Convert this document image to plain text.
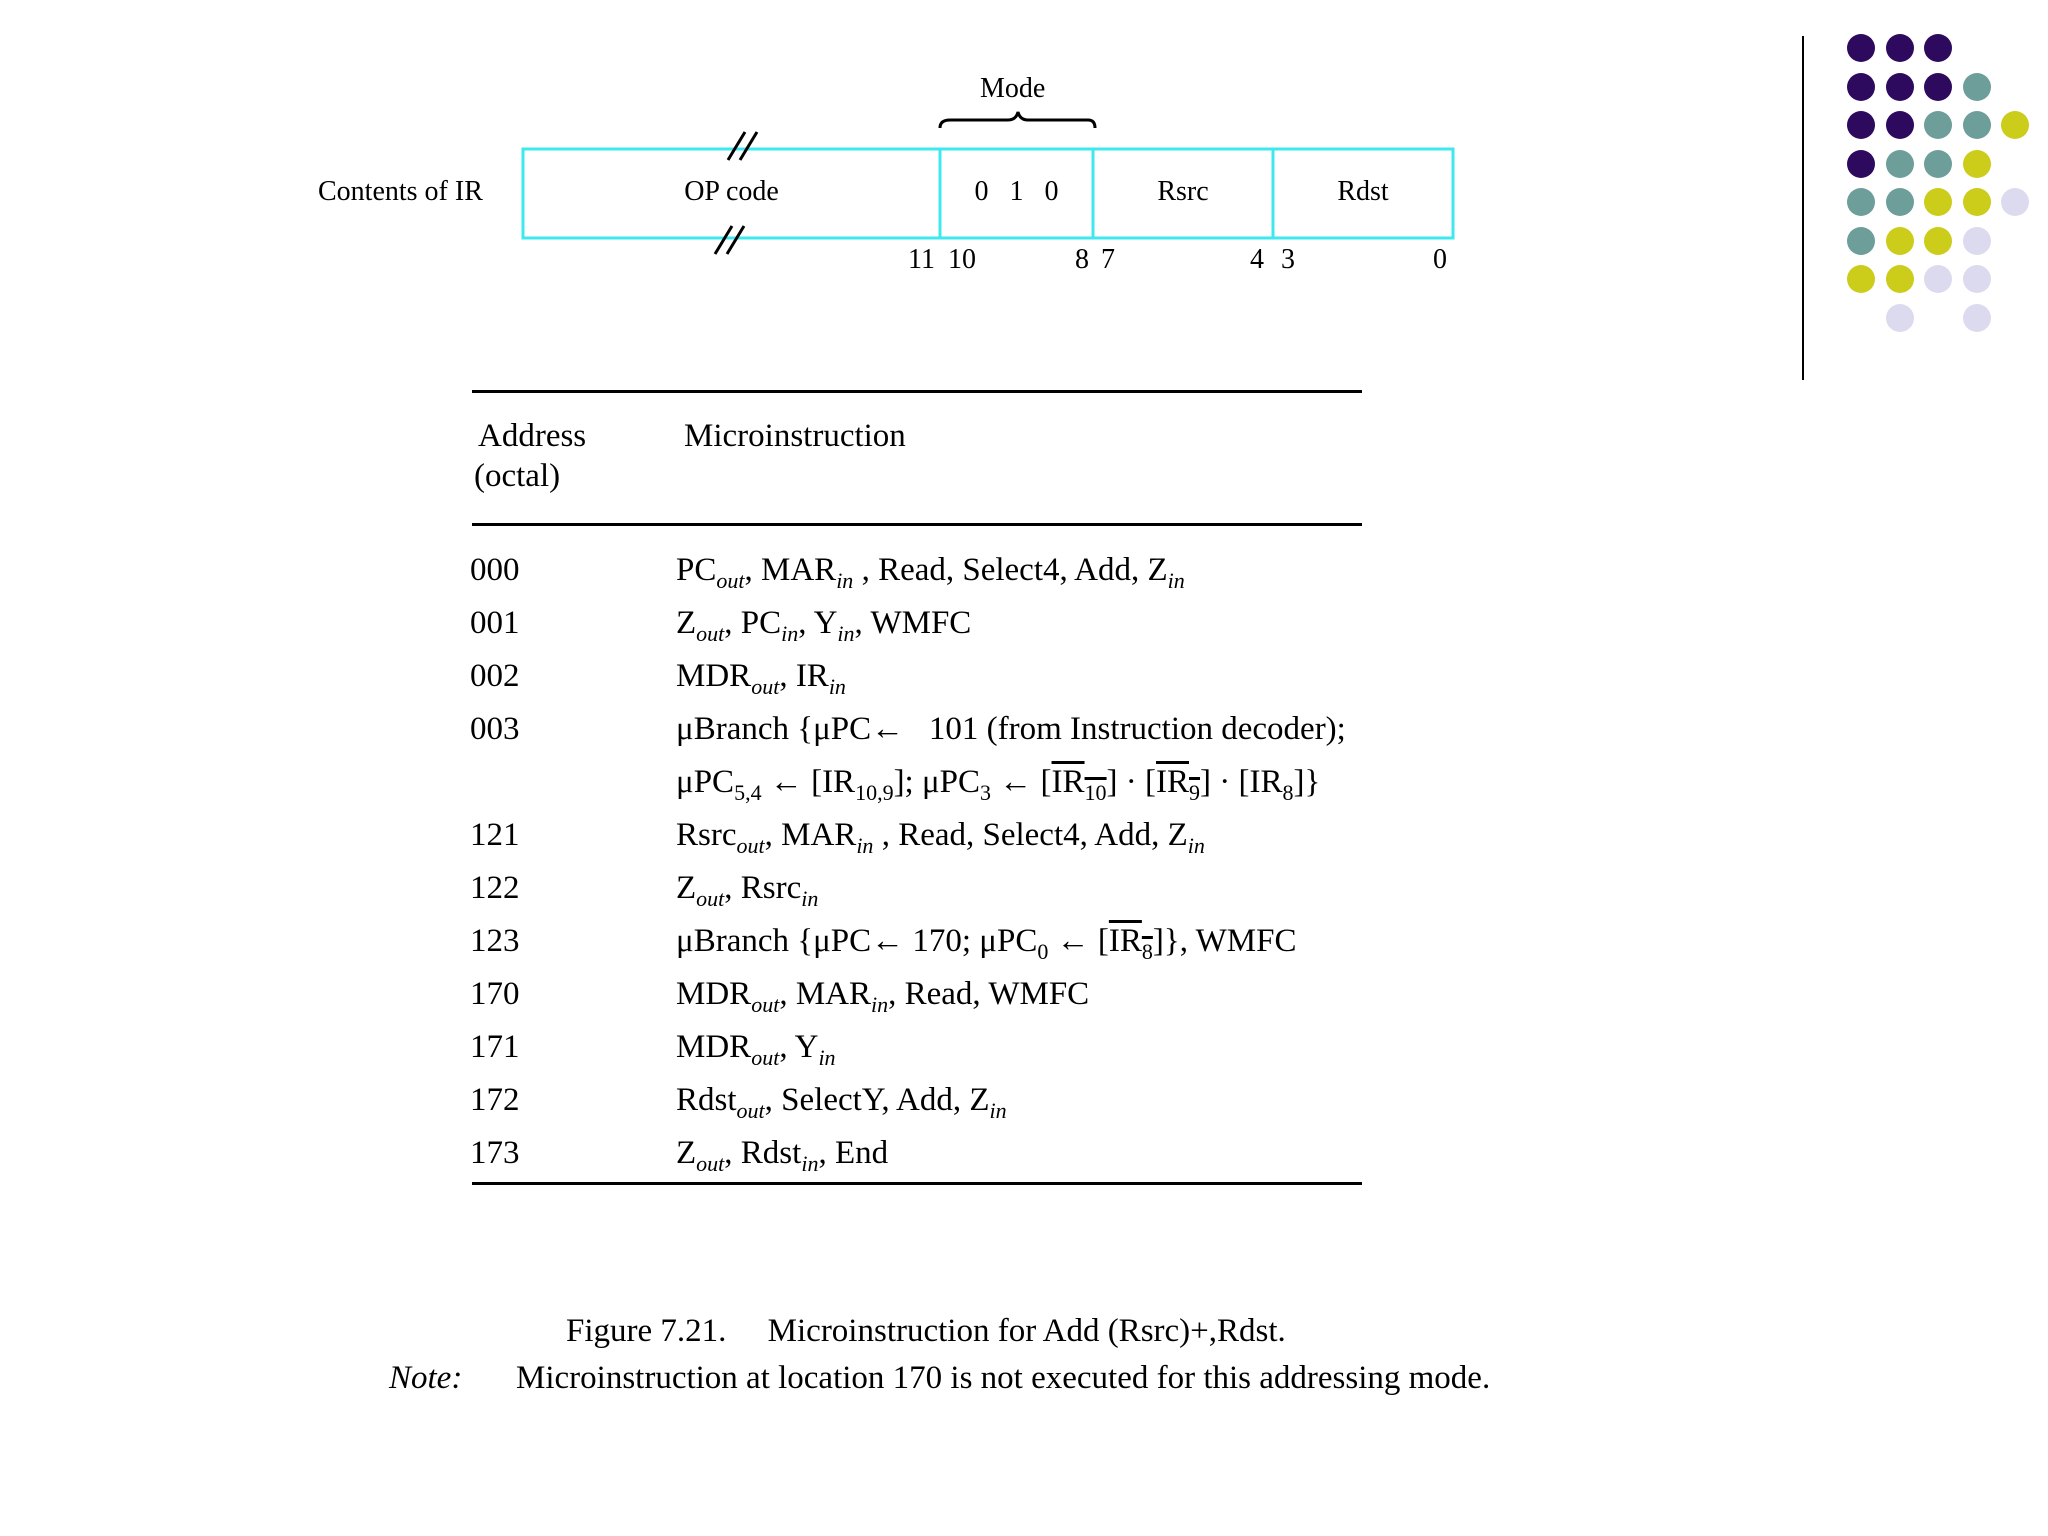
Contents of IR
Mode
OP code	0   1   0	Rsrc	Rdst
11 10	8 7	4 3	0
Address
(octal)
Microinstruction
000	$PC_{out}$, $MAR_{in}$ , Read, Select4, Add, $Z_{in}$
001	$Z_{out}$, $PC_{in}$, $Y_{in}$, WMFC
002	$MDR_{out}$, $IR_{in}$
003	μBranch {μPC←   101 (from Instruction decoder);
μPC$_{5,4}$ ← $[IR_{10,9}]$; μPC$_3$ ← $[IR_{10}] \cdot [IR_9] \cdot [IR_8]$}
121	Rsrc$_{out}$, $MAR_{in}$ , Read, Select4, Add, $Z_{in}$
122	$Z_{out}$, Rsrc$_{in}$
123	μBranch {μPC← 170; μPC$_0$ ← $[IR_8]$}, WMFC
170	$MDR_{out}$, $MAR_{in}$, Read, WMFC
171	$MDR_{out}$, $Y_{in}$
172	Rdst$_{out}$, SelectY, Add, $Z_{in}$
173	$Z_{out}$, Rdst$_{in}$, End
Figure 7.21.     Microinstruction for Add (Rsrc)+,Rdst.
Note: Microinstruction at location 170 is not executed for this addressing mode.
